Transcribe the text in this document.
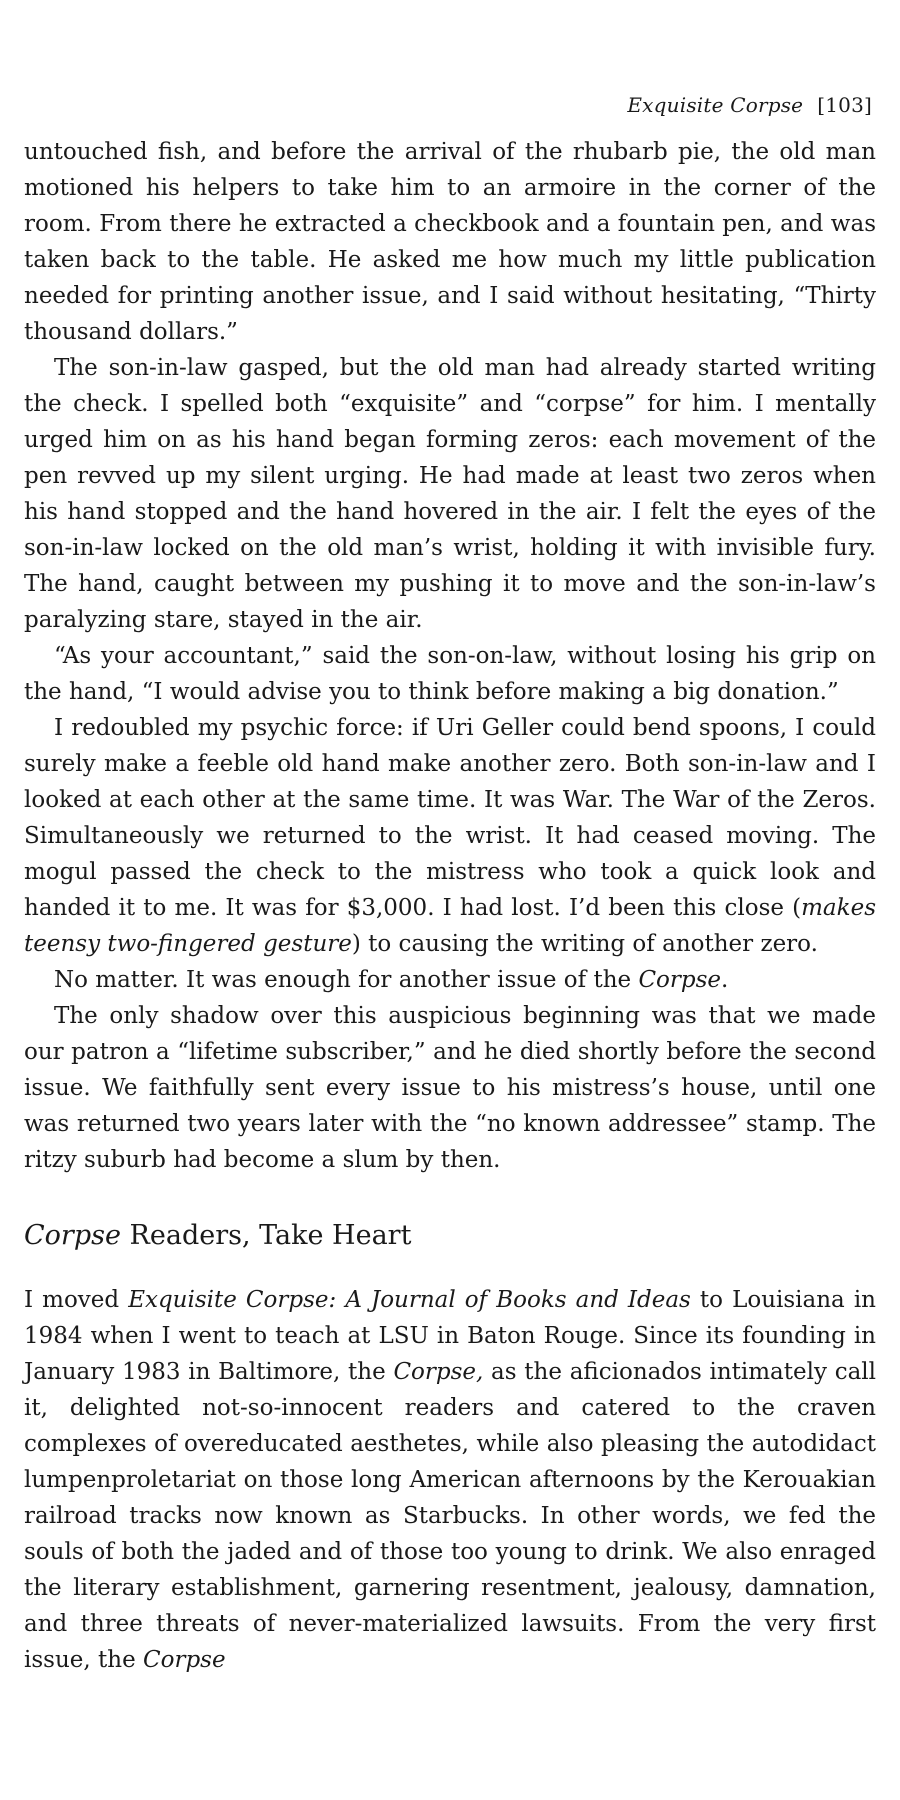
Exquisite Corpse [103]

untouched fish, and before the arrival of the rhubarb pie, the old man motioned his helpers to take him to an armoire in the corner of the room. From there he extracted a checkbook and a fountain pen, and was taken back to the table. He asked me how much my little publication needed for printing another issue, and I said without hesitating, “Thirty thousand dollars.”

The son-in-law gasped, but the old man had already started writing the check. I spelled both “exquisite” and “corpse” for him. I mentally urged him on as his hand began forming zeros: each movement of the pen revved up my silent urging. He had made at least two zeros when his hand stopped and the hand hovered in the air. I felt the eyes of the son-in-law locked on the old man’s wrist, holding it with invisible fury. The hand, caught between my pushing it to move and the son-in-law’s paralyzing stare, stayed in the air.

“As your accountant,” said the son-on-law, without losing his grip on the hand, “I would advise you to think before making a big donation.”

I redoubled my psychic force: if Uri Geller could bend spoons, I could surely make a feeble old hand make another zero. Both son-in-law and I looked at each other at the same time. It was War. The War of the Zeros. Simultaneously we returned to the wrist. It had ceased moving. The mogul passed the check to the mistress who took a quick look and handed it to me. It was for $3,000. I had lost. I’d been this close (makes teensy two-fingered gesture) to causing the writing of another zero.

No matter. It was enough for another issue of the Corpse.

The only shadow over this auspicious beginning was that we made our patron a “lifetime subscriber,” and he died shortly before the second issue. We faithfully sent every issue to his mistress’s house, until one was returned two years later with the “no known addressee” stamp. The ritzy suburb had become a slum by then.

Corpse Readers, Take Heart

I moved Exquisite Corpse: A Journal of Books and Ideas to Louisiana in 1984 when I went to teach at LSU in Baton Rouge. Since its founding in January 1983 in Baltimore, the Corpse, as the aficionados intimately call it, delighted not-so-innocent readers and catered to the craven complexes of overeducated aesthetes, while also pleasing the autodidact lumpenproletariat on those long American afternoons by the Kerouakian railroad tracks now known as Starbucks. In other words, we fed the souls of both the jaded and of those too young to drink. We also enraged the literary establishment, garnering resentment, jealousy, damnation, and three threats of never-materialized lawsuits. From the very first issue, the Corpse
